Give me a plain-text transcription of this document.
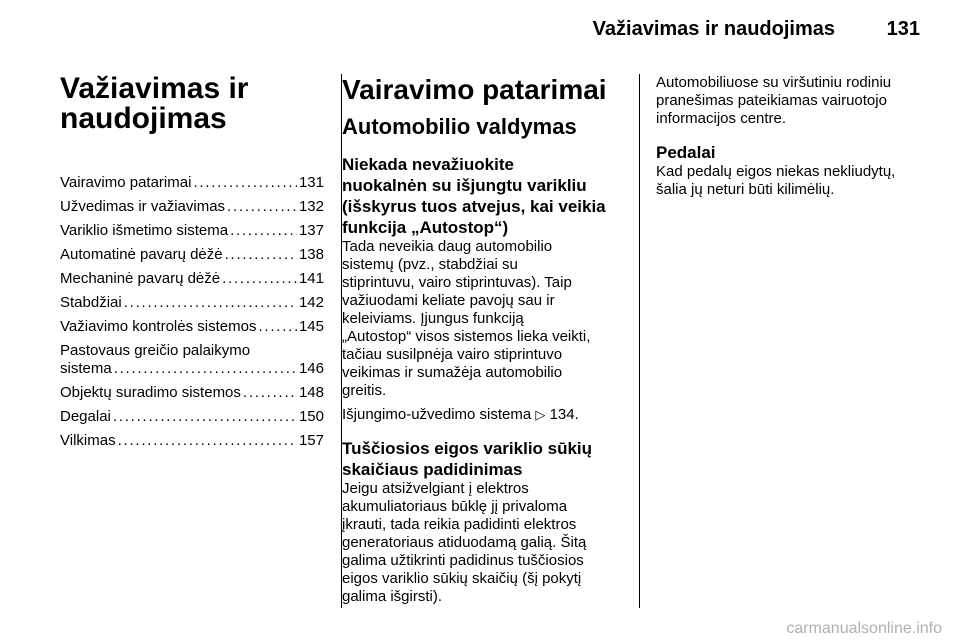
Važiavimas ir naudojimas	131
Važiavimas ir
naudojimas
Vairavimo patarimai . . .	131
Užvedimas ir važiavimas . . .	132
Variklio išmetimo sistema . . .	137
Automatinė pavarų dėžė . . .	138
Mechaninė pavarų dėžė . . .	141
Stabdžiai . . .	142
Važiavimo kontrolės sistemos . . .	145
Pastovaus greičio palaikymo
sistema . . .	146
Objektų suradimo sistemos . . .	148
Degalai . . .	150
Vilkimas . . .	157
Vairavimo patarimai
Automobilio valdymas
Niekada nevažiuokite
nuokalnėn su išjungtu varikliu
(išskyrus tuos atvejus, kai veikia
funkcija „Autostop“)
Tada neveikia daug automobilio
sistemų (pvz., stabdžiai su
stiprintuvu, vairo stiprintuvas). Taip
važiuodami keliate pavojų sau ir
keleiviams. Įjungus funkciją
„Autostop“ visos sistemos lieka veikti,
tačiau susilpnėja vairo stiprintuvo
veikimas ir sumažėja automobilio
greitis.
Išjungimo-užvedimo sistema ▷ 134.
Tuščiosios eigos variklio sūkių
skaičiaus padidinimas
Jeigu atsižvelgiant į elektros
akumuliatoriaus būklę jį privaloma
įkrauti, tada reikia padidinti elektros
generatoriaus atiduodamą galią. Šitą
galima užtikrinti padidinus tuščiosios
eigos variklio sūkių skaičių (šį pokytį
galima išgirsti).
Automobiliuose su viršutiniu rodiniu
pranešimas pateikiamas vairuotojo
informacijos centre.
Pedalai
Kad pedalų eigos niekas nekliudytų,
šalia jų neturi būti kilimėlių.
carmanualsonline.info
